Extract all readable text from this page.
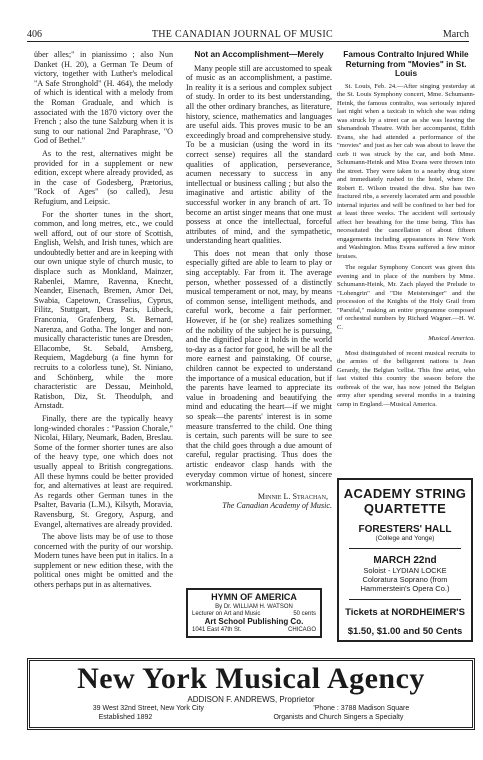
406	THE CANADIAN JOURNAL OF MUSIC	March

über alles;" in pianissimo ; also Nun Danket (H. 20), a German Te Deum of victory, together with Luther's melodical "A Safe Stronghold" (H. 464), the melody of which is identical with a melody from the Roman Graduale, and which is associated with the 1870 victory over the French ; also the tune Salzburg when it is sung to our national 2nd Paraphrase, "O God of Bethel."

As to the rest, alternatives might be provided for in a supplement or new edition, except where already provided, as in the case of Godesberg, Prætorius, "Rock of Ages" (so called), Jesu Refugium, and Leipsic.

For the shorter tunes in the short, common, and long metres, etc., we could well afford, out of our store of Scottish, English, Welsh, and Irish tunes, which are undoubtedly better and are in keeping with our own unique style of church music, to displace such as Monkland, Mainzer, Rabenlei, Mamre, Ravenna, Knecht, Neander, Eisenach, Bremen, Amor Dei, Swabia, Capetown, Crasselius, Cyprus, Filitz, Stuttgart, Deus Pacis, Lübeck, Franconia, Grafenberg, St. Bernard, Narenza, and Gotha. The longer and non-musically characteristic tunes are Dresden, Ellacombe, St. Sebald, Arnsberg, Requiem, Magdeburg (a fine hymn for recruits to a colorless tune), St. Niniano, and Schönberg, while the more characteristic are Dessau, Meinhold, Ratisbon, Diz, St. Theodulph, and Arnstadt.

Finally, there are the typically heavy long-winded chorales : "Passion Chorale," Nicolai, Hilary, Neumark, Baden, Breslau. Some of the former shorter tunes are also of the heavy type, one which does not usually appeal to British congregations. All these hymns could be better provided for, and alternatives at least are required. As regards other German tunes in the Psalter, Bavaria (L.M.), Kilsyth, Moravia, Ravensburg, St. Gregory, Aspurg, and Evangel, alternatives are already provided.

The above lists may be of use to those concerned with the purity of our worship. Modern tunes have been put in italics. In a supplement or new edition these, with the political ones might be omitted and the others perhaps put in as alternatives.

Not an Accomplishment—Merely

Many people still are accustomed to speak of music as an accomplishment, a pastime. In reality it is a serious and complex subject of study. In order to its best understanding, all the other ordinary branches, as literature, history, science, mathematics and languages are useful aids. This proves music to be an exceedingly broad and comprehensive study. To be a musician (using the word in its correct sense) requires all the standard qualities of application, perseverance, acumen necessary to success in any intellectual or business calling ; but also the imaginative and artistic ability of the successful worker in any branch of art. To become an artist singer means that one must possess at once the intellectual, forceful attributes of mind, and the sympathetic, understanding heart qualities.

This does not mean that only those especially gifted are able to learn to play or sing acceptably. Far from it. The average person, whether possessed of a distinctly musical temperament or not, may, by means of common sense, intelligent methods, and careful work, become a fair performer. However, if he (or she) realizes something of the nobility of the subject he is pursuing, and the dignified place it holds in the world to-day as a factor for good, he will be all the more earnest and painstaking. Of course, children cannot be expected to understand the importance of a musical education, but if the parents have learned to appreciate its value in broadening and beautifying the mind and educating the heart—if we might so speak—the parents' interest is in some measure transferred to the child. One thing is certain, such parents will be sure to see that the child goes through a due amount of careful, regular practising. Thus does the artistic endeavor clasp hands with the everyday common virtue of honest, sincere workmanship.

Minnie L. Strachan,
The Canadian Academy of Music.
Famous Contralto Injured While Returning from "Movies" in St. Louis

St. Louis, Feb. 24.—After singing yesterday at the St. Louis Symphony concert, Mme. Schumann-Heink, the famous contralto, was seriously injured last night when a taxicab in which she was riding was struck by a street car as she was leaving the Shenandoah Theatre. With her accompanist, Edith Evans, she had attended a performance of the "movies" and just as her cab was about to leave the curb it was struck by the car, and both Mme. Schumann-Heink and Miss Evans were thrown into the street. They were taken to a nearby drug store and immediately rushed to the hotel, where Dr. Robert E. Wilson treated the diva. She has two fractured ribs, a severely lacerated arm and possible internal injuries and will be confined to her bed for at least three weeks. The accident will seriously affect her breathing for the time being. This has necessitated the cancellation of about fifteen engagements including appearances in New York and Washington. Miss Evans suffered a few minor bruises.

The regular Symphony Concert was given this evening and in place of the numbers by Mme. Schumann-Heink, Mr. Zach played the Prelude to "Lohengrin" and "Die Meistersinger" and the procession of the Knights of the Holy Grail from "Parsifal," making an entire programme composed of orchestral numbers by Richard Wagner.—H. W. C.

Musical America.

Most distinguished of recent musical recruits to the armies of the belligerent nations is Jean Gerardy, the Belgian 'cellist. This fine artist, who last visited this country the season before the outbreak of the war, has now joined the Belgian army after spending several months in a training camp in England.—Musical America.

HYMN OF AMERICA
By Dr. WILLIAM H. WATSON
Lecturer on Art and Music	50 cents
Art School Publishing Co.
1041 East 47th St.	CHICAGO
ACADEMY STRING
QUARTETTE
FORESTERS' HALL
(College and Yonge)
MARCH 22nd
Soloist - LYDIAN LOCKE
Coloratura Soprano (from Hammerstein's Opera Co.)
Tickets at NORDHEIMER'S
$1.50, $1.00 and 50 Cents
New York Musical Agency
ADDISON F. ANDREWS, Proprietor
39 West 32nd Street, New York City	'Phone : 3788 Madison Square
Established 1892	Organists and Church Singers a Specialty
